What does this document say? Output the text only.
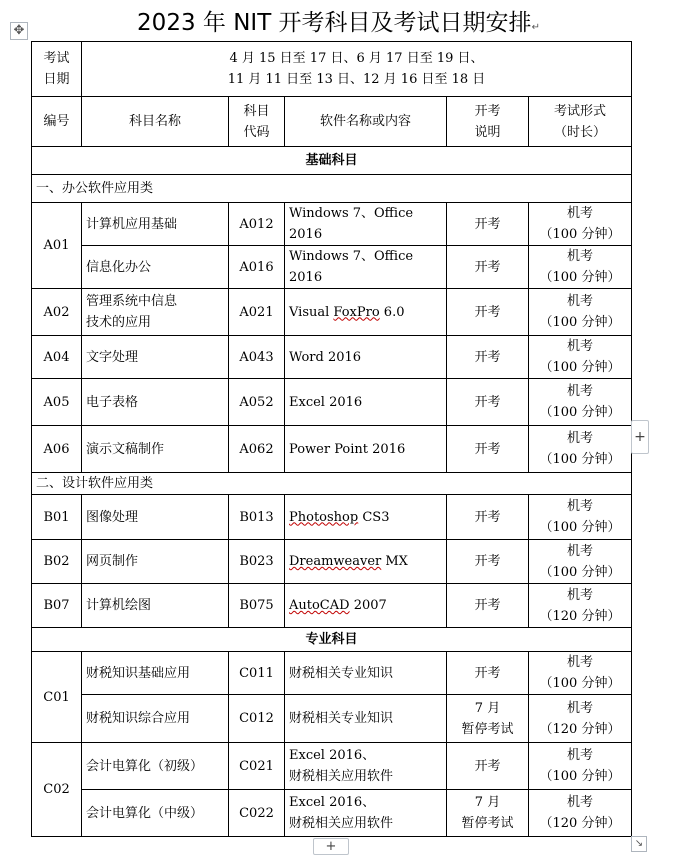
2023 年 NIT 开考科目及考试日期安排↵
✥
考试
日期	4 月 15 日至 17 日、6 月 17 日至 19 日、
11 月 11 日至 13 日、12 月 16 日至 18 日				
编号	科目名称	科目
代码	软件名称或内容	开考
说明	考试形式
（时长）
基础科目					
一、办公软件应用类					
A01	计算机应用基础	A012	Windows 7、Office
2016	开考	机考
（100 分钟）
	信息化办公	A016	Windows 7、Office
2016	开考	机考
（100 分钟）
A02	管理系统中信息
技术的应用	A021	Visual FoxPro 6.0	开考	机考
（100 分钟）
A04	文字处理	A043	Word 2016	开考	机考
（100 分钟）
A05	电子表格	A052	Excel 2016	开考	机考
（100 分钟）
A06	演示文稿制作	A062	Power Point 2016	开考	机考
（100 分钟）
二、设计软件应用类					
B01	图像处理	B013	Photoshop CS3	开考	机考
（100 分钟）
B02	网页制作	B023	Dreamweaver MX	开考	机考
（100 分钟）
B07	计算机绘图	B075	AutoCAD 2007	开考	机考
（120 分钟）
专业科目					
C01	财税知识基础应用	C011	财税相关专业知识	开考	机考
（100 分钟）
	财税知识综合应用	C012	财税相关专业知识	7 月
暂停考试	机考
（120 分钟）
C02	会计电算化（初级）	C021	Excel 2016、
财税相关应用软件	开考	机考
（100 分钟）
	会计电算化（中级）	C022	Excel 2016、
财税相关应用软件	7 月
暂停考试	机考
（120 分钟）
+
+	↘
